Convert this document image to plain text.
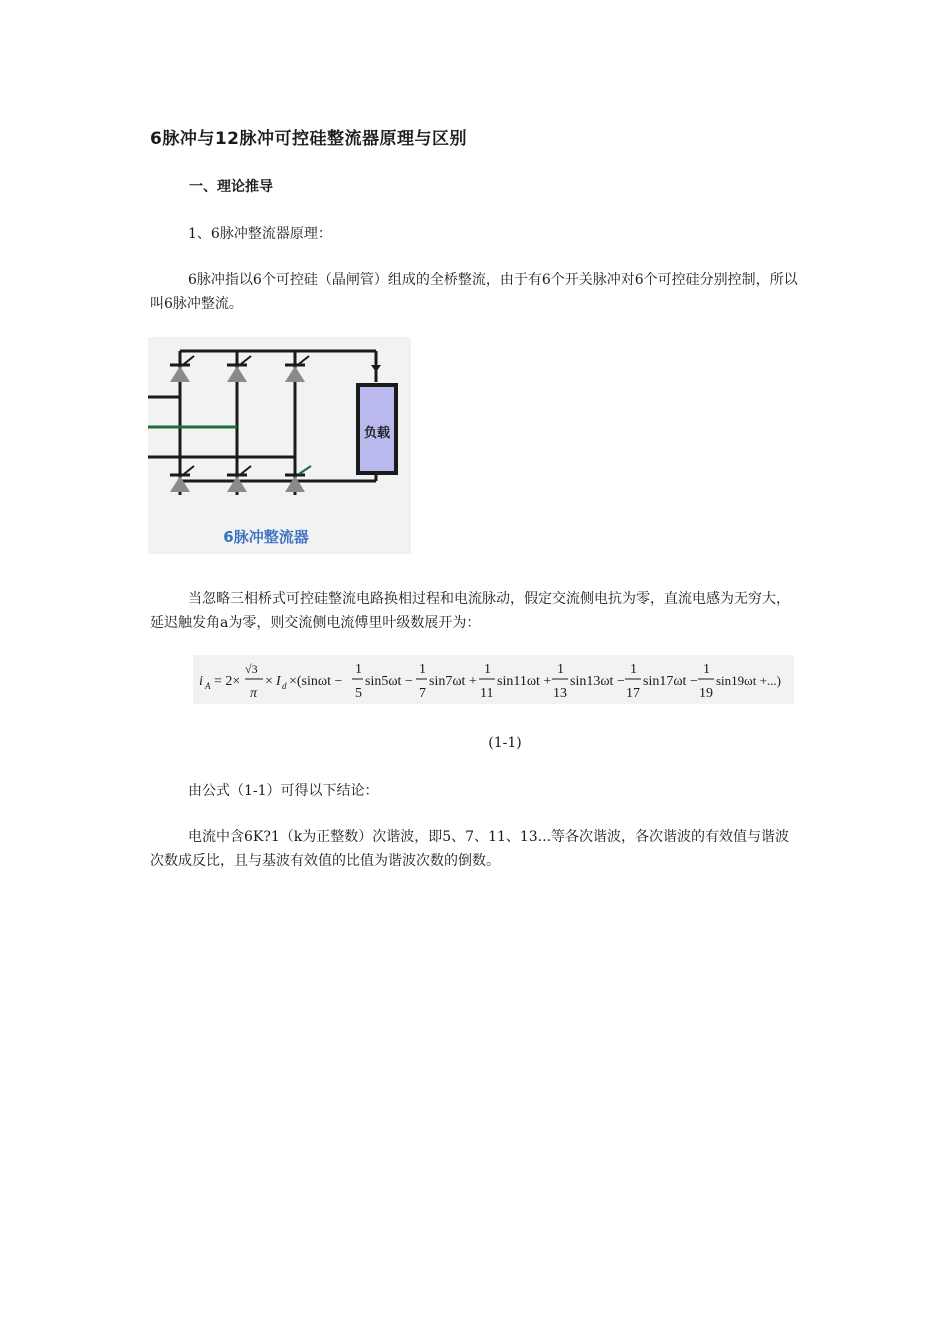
6脉冲与12脉冲可控硅整流器原理与区别
一、理论推导
1、6脉冲整流器原理：
6脉冲指以6个可控硅（晶闸管）组成的全桥整流，由于有6个开关脉冲对6个可控硅分别控制，所以叫6脉冲整流。
负载
6脉冲整流器
当忽略三相桥式可控硅整流电路换相过程和电流脉动，假定交流侧电抗为零，直流电感为无穷大，延迟触发角a为零，则交流侧电流傅里叶级数展开为：
i A = 2×
√3
π
× I d ×(sinωt −
1
5
sin5ωt −
1
7
sin7ωt +
1
11
sin11ωt +
1
13
sin13ωt −
1
17
sin17ωt −
1
19
sin19ωt +...)
(1-1)
由公式（1-1）可得以下结论：
电流中含6K?1（k为正整数）次谐波，即5、7、11、13...等各次谐波，各次谐波的有效值与谐波次数成反比，且与基波有效值的比值为谐波次数的倒数。
